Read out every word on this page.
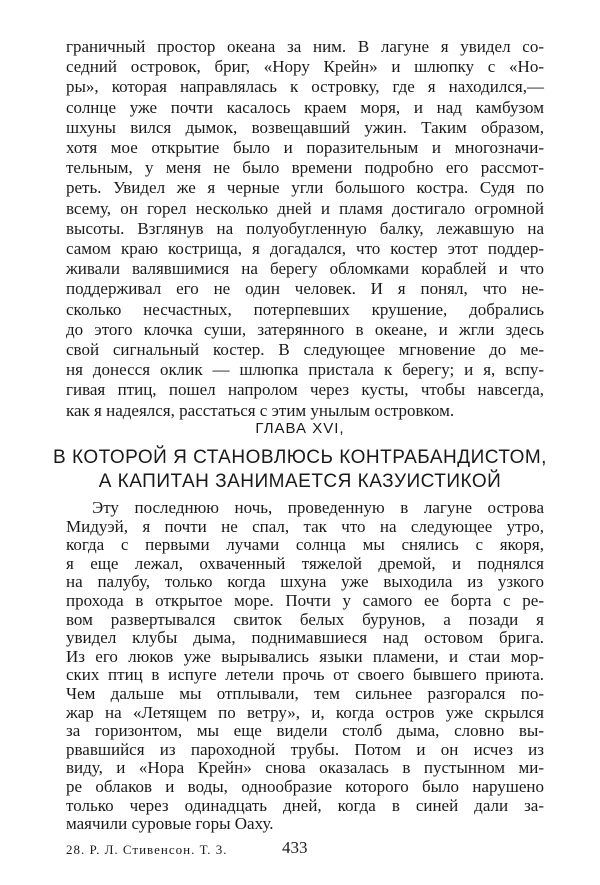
граничный простор океана за ним. В лагуне я увидел со-
седний островок, бриг, «Нору Крейн» и шлюпку с «Но-
ры», которая направлялась к островку, где я находился,—
солнце уже почти касалось краем моря, и над камбузом
шхуны вился дымок, возвещавший ужин. Таким образом,
хотя мое открытие было и поразительным и многозначи-
тельным, у меня не было времени подробно его рассмот-
реть. Увидел же я черные угли большого костра. Судя по
всему, он горел несколько дней и пламя достигало огромной
высоты. Взглянув на полуобугленную балку, лежавшую на
самом краю кострища, я догадался, что костер этот поддер-
живали валявшимися на берегу обломками кораблей и что
поддерживал его не один человек. И я понял, что не-
сколько несчастных, потерпевших крушение, добрались
до этого клочка суши, затерянного в океане, и жгли здесь
свой сигнальный костер. В следующее мгновение до ме-
ня донесся оклик — шлюпка пристала к берегу; и я, вспу-
гивая птиц, пошел напролом через кусты, чтобы навсегда,
как я надеялся, расстаться с этим унылым островком.
ГЛАВА XVI,
В КОТОРОЙ Я СТАНОВЛЮСЬ КОНТРАБАНДИСТОМ,
А КАПИТАН ЗАНИМАЕТСЯ КАЗУИСТИКОЙ
Эту последнюю ночь, проведенную в лагуне острова
Мидуэй, я почти не спал, так что на следующее утро,
когда с первыми лучами солнца мы снялись с якоря,
я еще лежал, охваченный тяжелой дремой, и поднялся
на палубу, только когда шхуна уже выходила из узкого
прохода в открытое море. Почти у самого ее борта с ре-
вом развертывался свиток белых бурунов, а позади я
увидел клубы дыма, поднимавшиеся над остовом брига.
Из его люков уже вырывались языки пламени, и стаи мор-
ских птиц в испуге летели прочь от своего бывшего приюта.
Чем дальше мы отплывали, тем сильнее разгорался по-
жар на «Летящем по ветру», и, когда остров уже скрылся
за горизонтом, мы еще видели столб дыма, словно вы-
рвавшийся из пароходной трубы. Потом и он исчез из
виду, и «Нора Крейн» снова оказалась в пустынном ми-
ре облаков и воды, однообразие которого было нарушено
только через одинадцать дней, когда в синей дали за-
маячили суровые горы Оаху.
28. Р. Л. Стивенсон. Т. 3.	433
